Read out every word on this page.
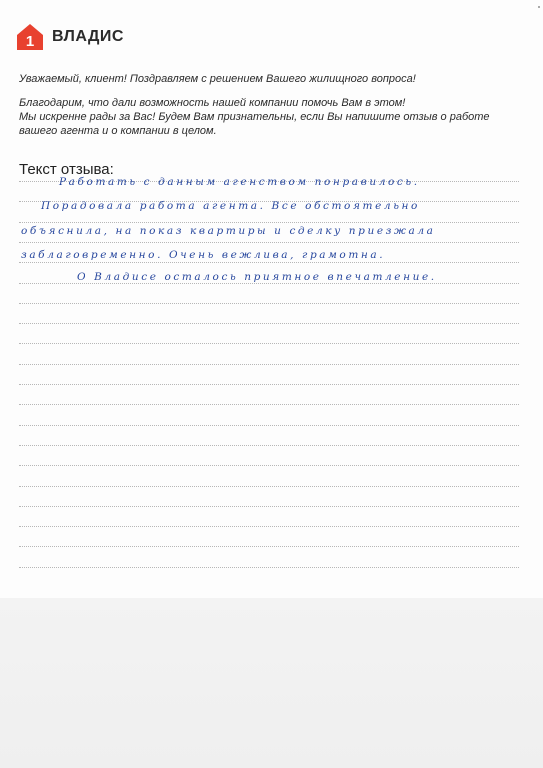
1 ВЛАДИС

Уважаемый, клиент! Поздравляем с решением Вашего жилищного вопроса!

Благодарим, что дали возможность нашей компании помочь Вам в этом!

Мы искренне рады за Вас! Будем Вам признательны, если Вы напишите отзыв о работе

вашего агента и о компании в целом.

Текст отзыва:
Работать с данным агенством понравилось.
Порадовала работа агента. Все обстоятельно
объяснила, на показ квартиры и сделку приезжала
заблаговременно. Очень вежлива, грамотна.
О Владисе осталось приятное впечатление.
